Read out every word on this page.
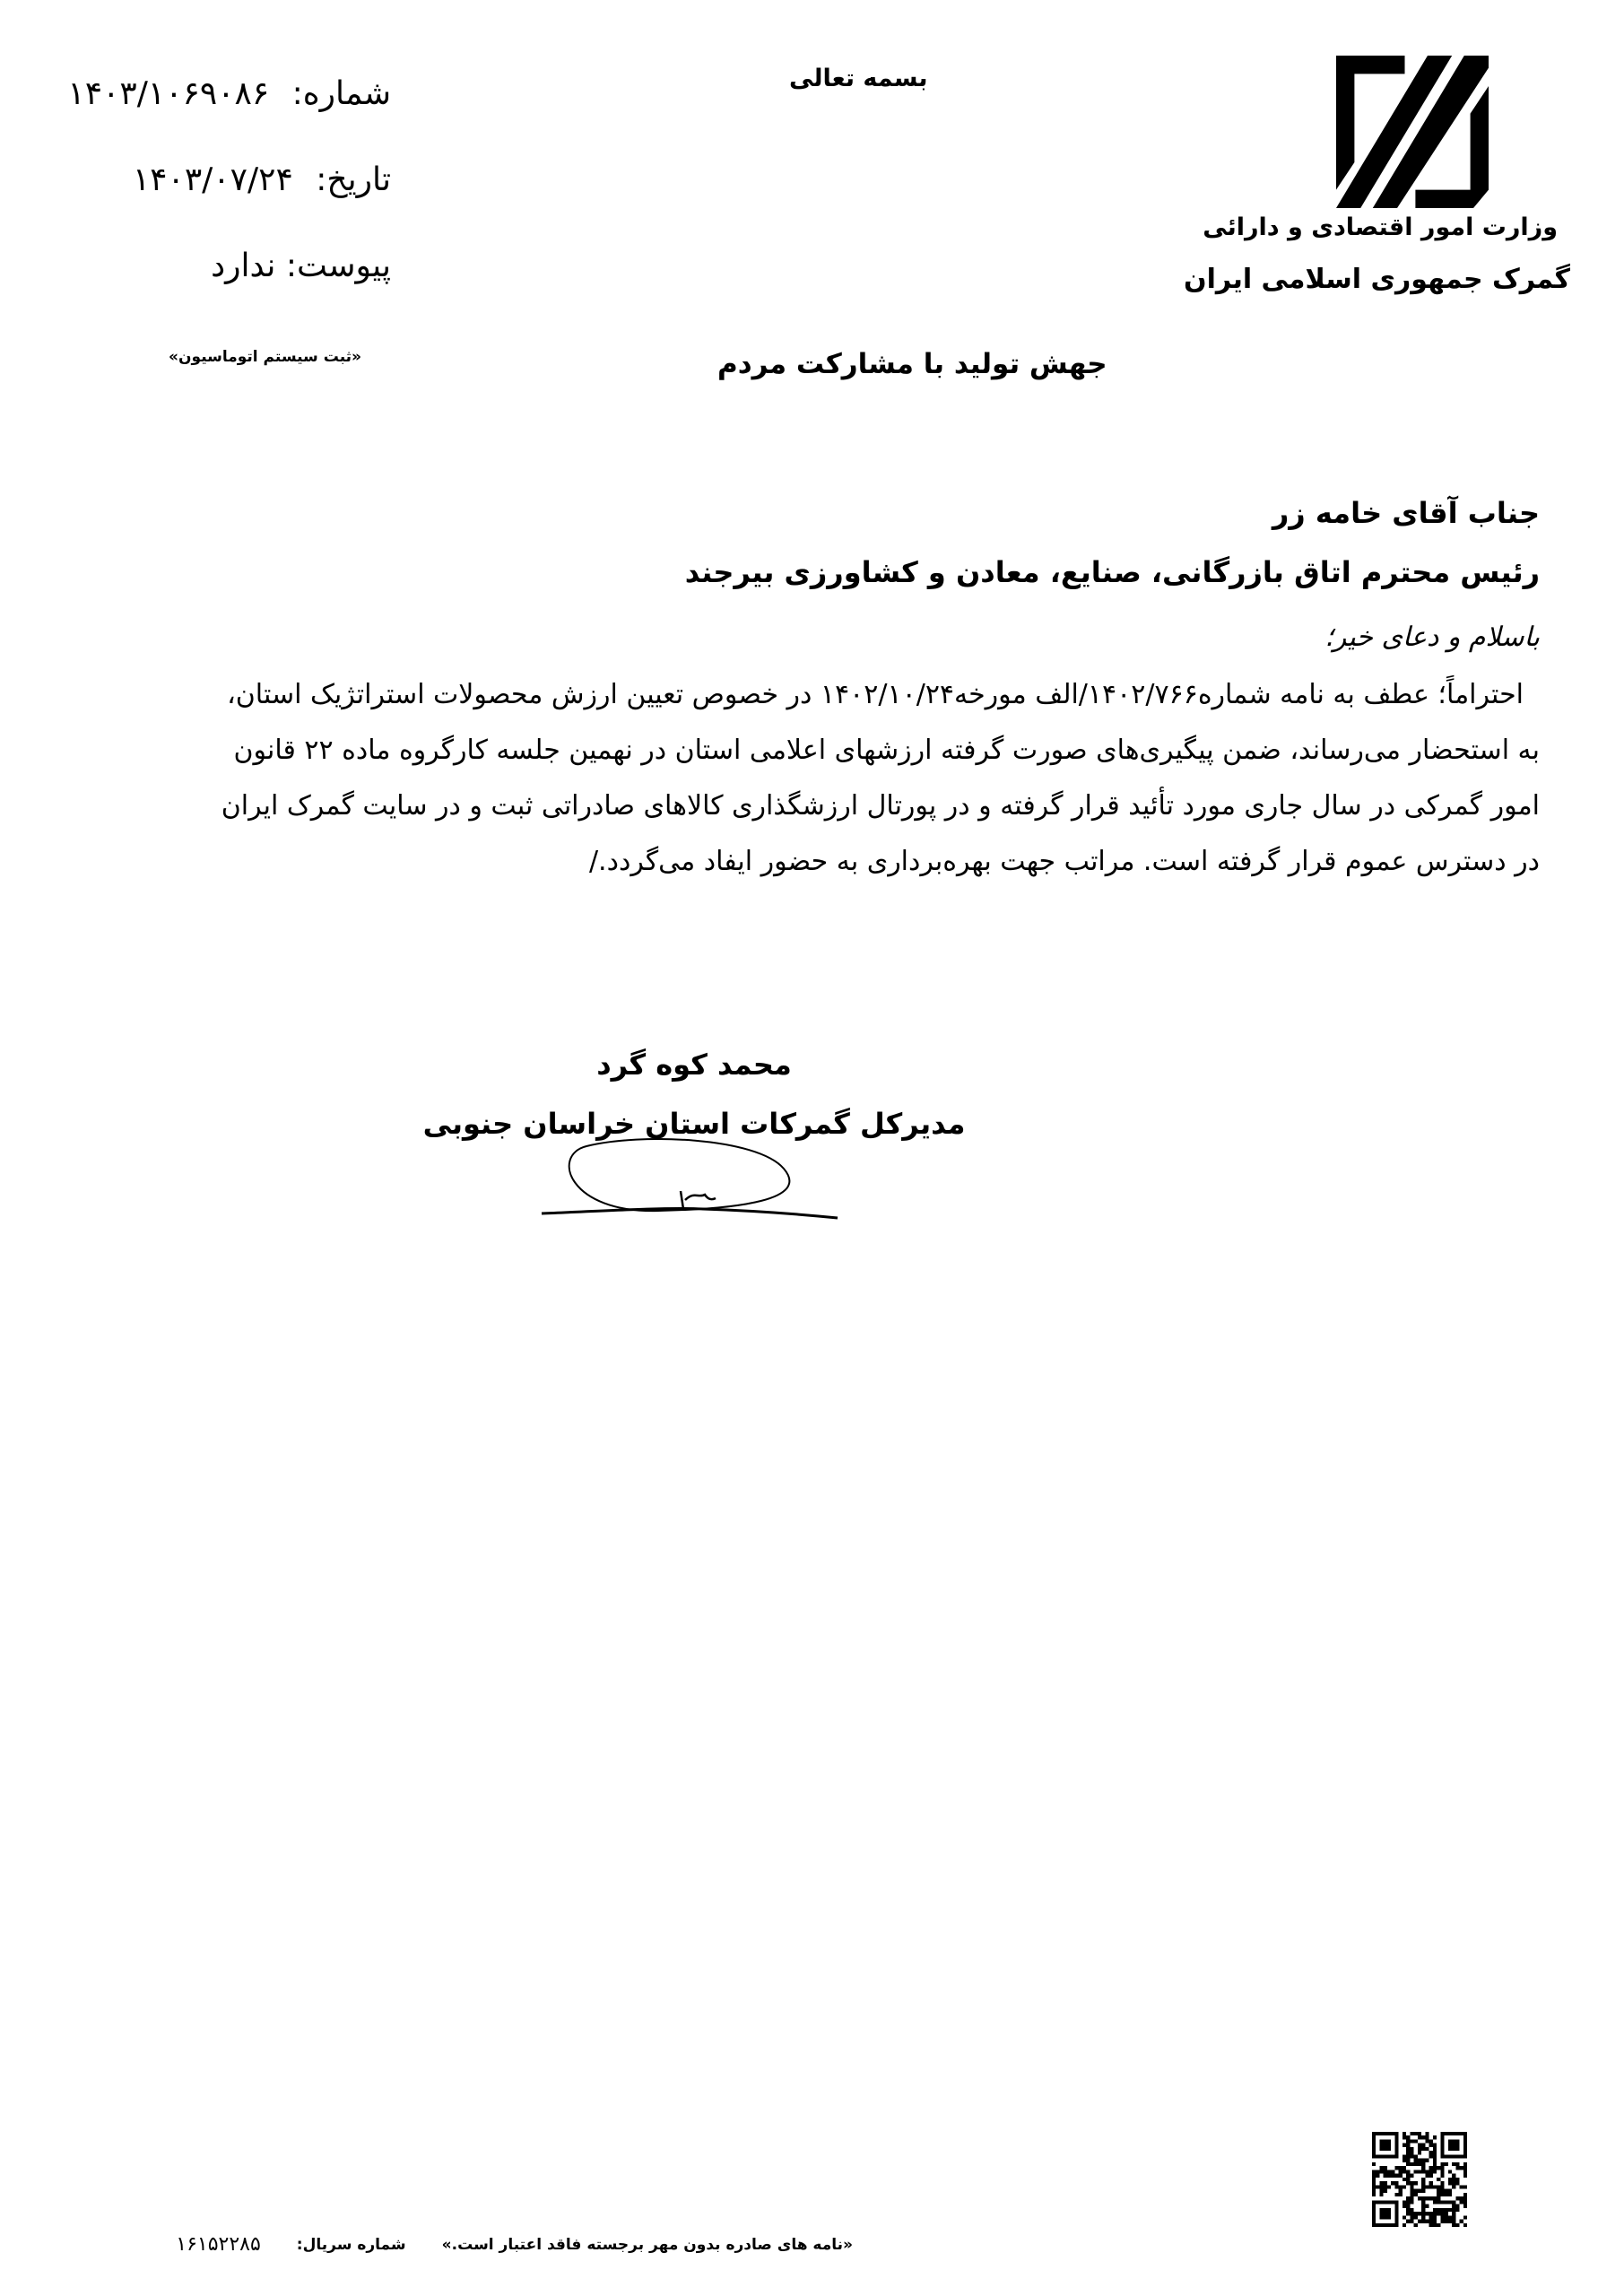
وزارت امور اقتصادی و دارائی
گمرک جمهوری اسلامی ایران
بسمه تعالی
شماره: ۱۴۰۳/۱۰۶۹۰۸۶
تاریخ: ۱۴۰۳/۰۷/۲۴
پیوست: ندارد
«ثبت سیستم اتوماسیون»	جهش تولید با مشارکت مردم
جناب آقای خامه زر
رئیس محترم اتاق بازرگانی، صنایع، معادن و کشاورزی بیرجند
باسلام و دعای خیر؛
احتراماً؛ عطف به نامه شماره۱۴۰۲/۷۶۶/الف مورخه۱۴۰۲/۱۰/۲۴ در خصوص تعیین ارزش محصولات استراتژیک استان،
به استحضار می‌رساند، ضمن پیگیری‌های صورت گرفته ارزشهای اعلامی استان در نهمین جلسه کارگروه ماده ۲۲ قانون
امور گمرکی در سال جاری مورد تأئید قرار گرفته و در پورتال ارزشگذاری کالاهای صادراتی ثبت و در سایت گمرک ایران
در دسترس عموم قرار گرفته است. مراتب جهت بهره‌برداری به حضور ایفاد می‌گردد./
محمد کوه گرد
مدیرکل گمرکات استان خراسان جنوبی
«نامه های صادره بدون مهر برجسته فاقد اعتبار است.»
شماره سریال:
۱۶۱۵۲۲۸۵
